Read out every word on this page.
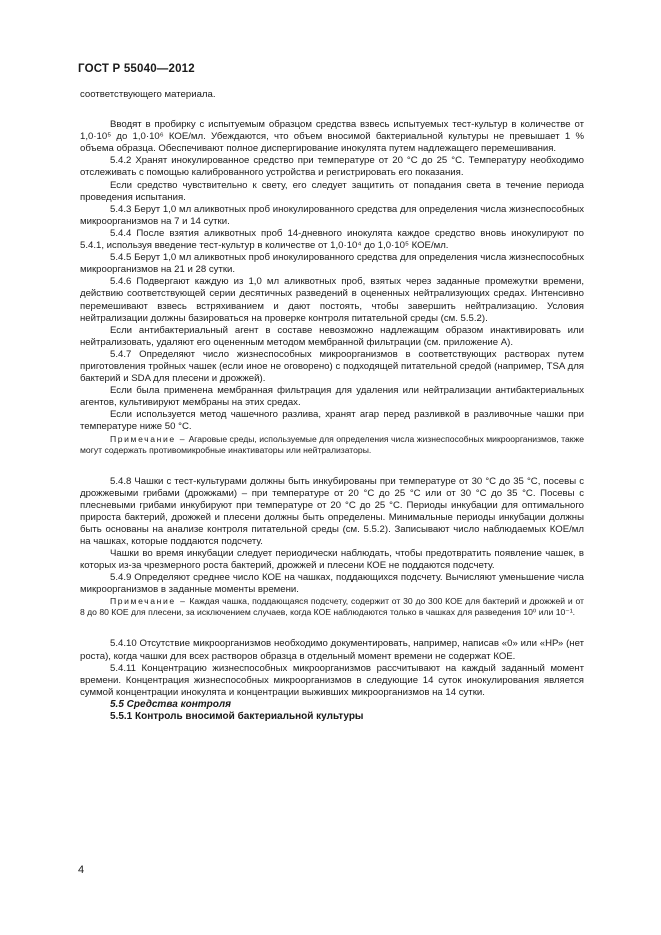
ГОСТ Р 55040—2012

соответствующего материала.

Вводят в пробирку с испытуемым образцом средства взвесь испытуемых тест-культур в количестве от 1,0·10⁵ до 1,0·10⁶ КОЕ/мл. Убеждаются, что объем вносимой бактериальной культуры не превышает 1 % объема образца. Обеспечивают полное диспергирование инокулята путем надлежащего перемешивания.

5.4.2 Хранят инокулированное средство при температуре от 20 °С до 25 °С. Температуру необходимо отслеживать с помощью калиброванного устройства и регистрировать его показания.

Если средство чувствительно к свету, его следует защитить от попадания света в течение периода проведения испытания.

5.4.3 Берут 1,0 мл аликвотных проб инокулированного средства для определения числа жизнеспособных микроорганизмов на 7 и 14 сутки.

5.4.4 После взятия аликвотных проб 14-дневного инокулята каждое средство вновь инокулируют по 5.4.1, используя введение тест-культур в количестве от 1,0·10⁴ до 1,0·10⁵ КОЕ/мл.

5.4.5 Берут 1,0 мл аликвотных проб инокулированного средства для определения числа жизнеспособных микроорганизмов на 21 и 28 сутки.

5.4.6 Подвергают каждую из 1,0 мл аликвотных проб, взятых через заданные промежутки времени, действию соответствующей серии десятичных разведений в оцененных нейтрализующих средах. Интенсивно перемешивают взвесь встряхиванием и дают постоять, чтобы завершить нейтрализацию. Условия нейтрализации должны базироваться на проверке контроля питательной среды (см. 5.5.2).

Если антибактериальный агент в составе невозможно надлежащим образом инактивировать или нейтрализовать, удаляют его оцененным методом мембранной фильтрации (см. приложение А).

5.4.7 Определяют число жизнеспособных микроорганизмов в соответствующих растворах путем приготовления тройных чашек (если иное не оговорено) с подходящей питательной средой (например, TSA для бактерий и SDA для плесени и дрожжей).

Если была применена мембранная фильтрация для удаления или нейтрализации антибактериальных агентов, культивируют мембраны на этих средах.

Если используется метод чашечного разлива, хранят агар перед разливкой в разливочные чашки при температуре ниже 50 °С.

Примечание – Агаровые среды, используемые для определения числа жизнеспособных микроорганизмов, также могут содержать противомикробные инактиваторы или нейтрализаторы.

5.4.8 Чашки с тест-культурами должны быть инкубированы при температуре от 30 °С до 35 °С, посевы с дрожжевыми грибами (дрожжами) – при температуре от 20 °С до 25 °С или от 30 °С до 35 °С. Посевы с плесневыми грибами инкубируют при температуре от 20 °С до 25 °С. Периоды инкубации для оптимального прироста бактерий, дрожжей и плесени должны быть определены. Минимальные периоды инкубации должны быть основаны на анализе контроля питательной среды (см. 5.5.2). Записывают число наблюдаемых КОЕ/мл на чашках, которые поддаются подсчету.

Чашки во время инкубации следует периодически наблюдать, чтобы предотвратить появление чашек, в которых из-за чрезмерного роста бактерий, дрожжей и плесени КОЕ не поддаются подсчету.

5.4.9 Определяют среднее число КОЕ на чашках, поддающихся подсчету. Вычисляют уменьшение числа микроорганизмов в заданные моменты времени.

Примечание – Каждая чашка, поддающаяся подсчету, содержит от 30 до 300 КОЕ для бактерий и дрожжей и от 8 до 80 КОЕ для плесени, за исключением случаев, когда КОЕ наблюдаются только в чашках для разведения 10⁰ или 10⁻¹.

5.4.10 Отсутствие микроорганизмов необходимо документировать, например, написав «0» или «НР» (нет роста), когда чашки для всех растворов образца в отдельный момент времени не содержат КОЕ.

5.4.11 Концентрацию жизнеспособных микроорганизмов рассчитывают на каждый заданный момент времени. Концентрация жизнеспособных микроорганизмов в следующие 14 суток инокулирования является суммой концентрации инокулята и концентрации выживших микроорганизмов на 14 сутки.

5.5 Средства контроля

5.5.1 Контроль вносимой бактериальной культуры

4
